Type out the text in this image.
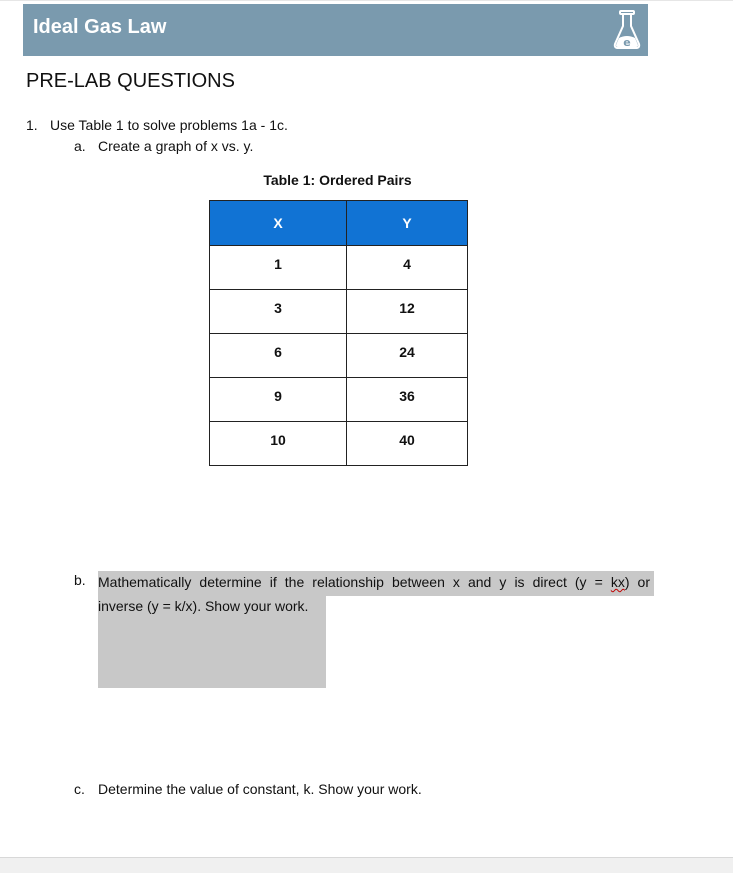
Ideal Gas Law
e
PRE-LAB QUESTIONS
1. Use Table 1 to solve problems 1a - 1c.
a. Create a graph of x vs. y.
Table 1: Ordered Pairs
X	Y
1	4
3	12
6	24
9	36
10	40
b. Mathematically determine if the relationship between x and y is direct (y = kx) or
inverse (y = k/x). Show your work.
c. Determine the value of constant, k. Show your work.
